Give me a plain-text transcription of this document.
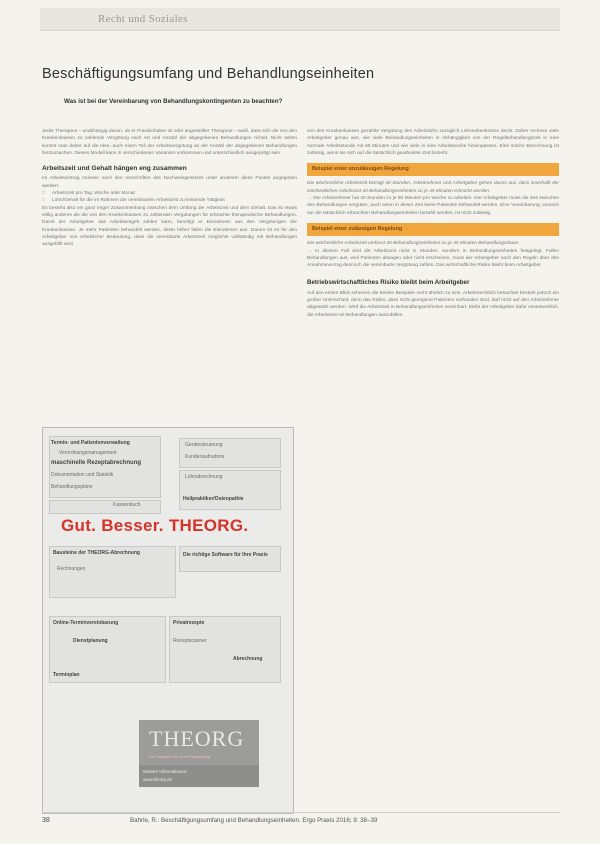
Recht und Soziales
Beschäftigungsumfang und Behandlungseinheiten
Was ist bei der Vereinbarung von Behandlungskontingenten zu beachten?
Jeder Therapeut – unabhängig davon, ob er Praxisinhaber ist oder angestellter Therapeut – weiß, dass sich die von den Krankenkassen zu zahlende Vergütung nach Art und Anzahl der abgegebenen Behandlungen richtet. Nicht selten kommt man daher auf die Idee, auch einen Teil der Arbeitsvergütung an der Anzahl der abgegebenen Behandlungen festzumachen. Dieses Modell kann in verschiedenen Varianten vorkommen und unterschiedlich ausgeprägt sein.
Arbeitszeit und Gehalt hängen eng zusammen
Im Arbeitsvertrag müssen nach den Vorschriften des Nachweisgesetzes unter anderem diese Punkte angegeben werden:
□	Arbeitszeit pro Tag, Woche oder Monat
□	Lohn/Gehalt für die im Rahmen der vereinbarten Arbeitszeit zu leistende Tätigkeit
Es besteht also ein ganz enger Zusammenhang zwischen dem Umfang der Arbeitszeit und dem Gehalt. Das ist etwas völlig anderes als die von den Krankenkassen zu zahlenden Vergütungen für erbrachte therapeutische Behandlungen. Damit der Arbeitgeber das Arbeitsentgelt zahlen kann, benötigt er Einnahmen aus den Vergütungen der Krankenkassen. Je mehr Patienten behandelt werden, desto höher fallen die Einnahmen aus. Darum ist es für den Arbeitgeber von erheblicher Bedeutung, dass die vereinbarte Arbeitszeit möglichst vollständig mit Behandlungen ausgefüllt wird.
von den Krankenkassen gezahlte Vergütung den Arbeitslohn zuzüglich Lohnnebenkosten deckt. Daher rechnen viele Arbeitgeber genau aus, wie viele Behandlungseinheiten in Abhängigkeit von der Regelbehandlungszeit in eine normale Arbeitsstunde mit 60 Minuten und wie viele in eine Arbeitswoche hineinpassen. Eine solche Berechnung ist zulässig, wenn sie sich auf die tatsächlich gearbeitete Zeit bezieht.
Beispiel einer unzulässigen Regelung
Die wöchentliche Arbeitszeit beträgt 40 Stunden. Arbeitnehmer und Arbeitgeber gehen davon aus, dass innerhalb der wöchentlichen Arbeitszeit 40 Behandlungseinheiten zu je 45 Minuten erbracht werden.
→ Der Arbeitnehmer hat 40 Stunden zu je 60 Minuten pro Woche zu arbeiten. Der Arbeitgeber muss die Zeit zwischen den Behandlungen vergüten, auch wenn in dieser Zeit keine Patienten behandelt werden. Eine Vereinbarung, wonach nur die tatsächlich erbrachten Behandlungseinheiten bezahlt werden, ist nicht zulässig.
Beispiel einer zulässigen Regelung
Die wöchentliche Arbeitszeit umfasst 40 Behandlungseinheiten zu je 45 Minuten Behandlungsdauer.
→ In diesem Fall wird die Arbeitszeit nicht in Stunden, sondern in Behandlungseinheiten festgelegt. Fallen Behandlungen aus, weil Patienten absagen oder nicht erscheinen, muss der Arbeitgeber nach den Regeln über den Annahmeverzug dennoch die vereinbarte Vergütung zahlen. Das wirtschaftliche Risiko bleibt beim Arbeitgeber.
Betriebswirtschaftliches Risiko bleibt beim Arbeitgeber
Auf den ersten Blick scheinen die beiden Beispiele recht ähnlich zu sein. Arbeitsrechtlich betrachtet besteht jedoch ein großer Unterschied, denn das Risiko, dass nicht genügend Patienten vorhanden sind, darf nicht auf den Arbeitnehmer abgewälzt werden. Wird die Arbeitszeit in Behandlungseinheiten vereinbart, bleibt der Arbeitgeber dafür verantwortlich, die Arbeitszeit mit Behandlungen auszufüllen.
Termin- und Patientenverwaltung
Verordnungsmanagement
maschinelle Rezeptabrechnung
Dokumentation und Statistik
Behandlungspläne
Kassenbuch
Gerätesteuerung
Kundenaufnahme
Lohnabrechnung
Heilpraktiker/Osteopathie
Gut. Besser. THEORG.
Bausteine der THEORG-Abrechnung
Rechnungen
Die richtige Software für Ihre Praxis
Online-Terminvereinbarung
Dienstplanung
Privatrezepte
Rezeptscanner
Abrechnung
Terminplan
THEORG
Die Software für Ihren Praxiserfolg
Weitere Informationen:
www.theorg.de
38	Bahrle, R.: Beschäftigungsumfang und Behandlungseinheiten. Ergo Praxis 2016; 9: 38–39
